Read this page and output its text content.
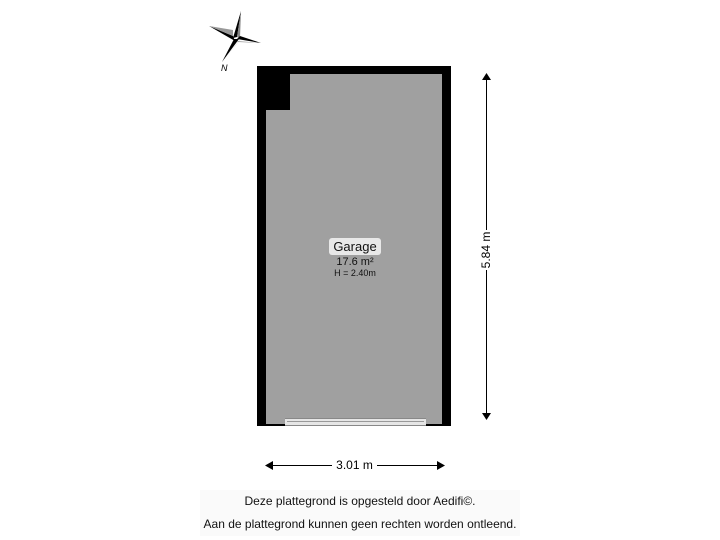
N
Garage
17.6 m²
H = 2.40m
5.84 m
3.01 m
Deze plattegrond is opgesteld door Aedifi©.
Aan de plattegrond kunnen geen rechten worden ontleend.
